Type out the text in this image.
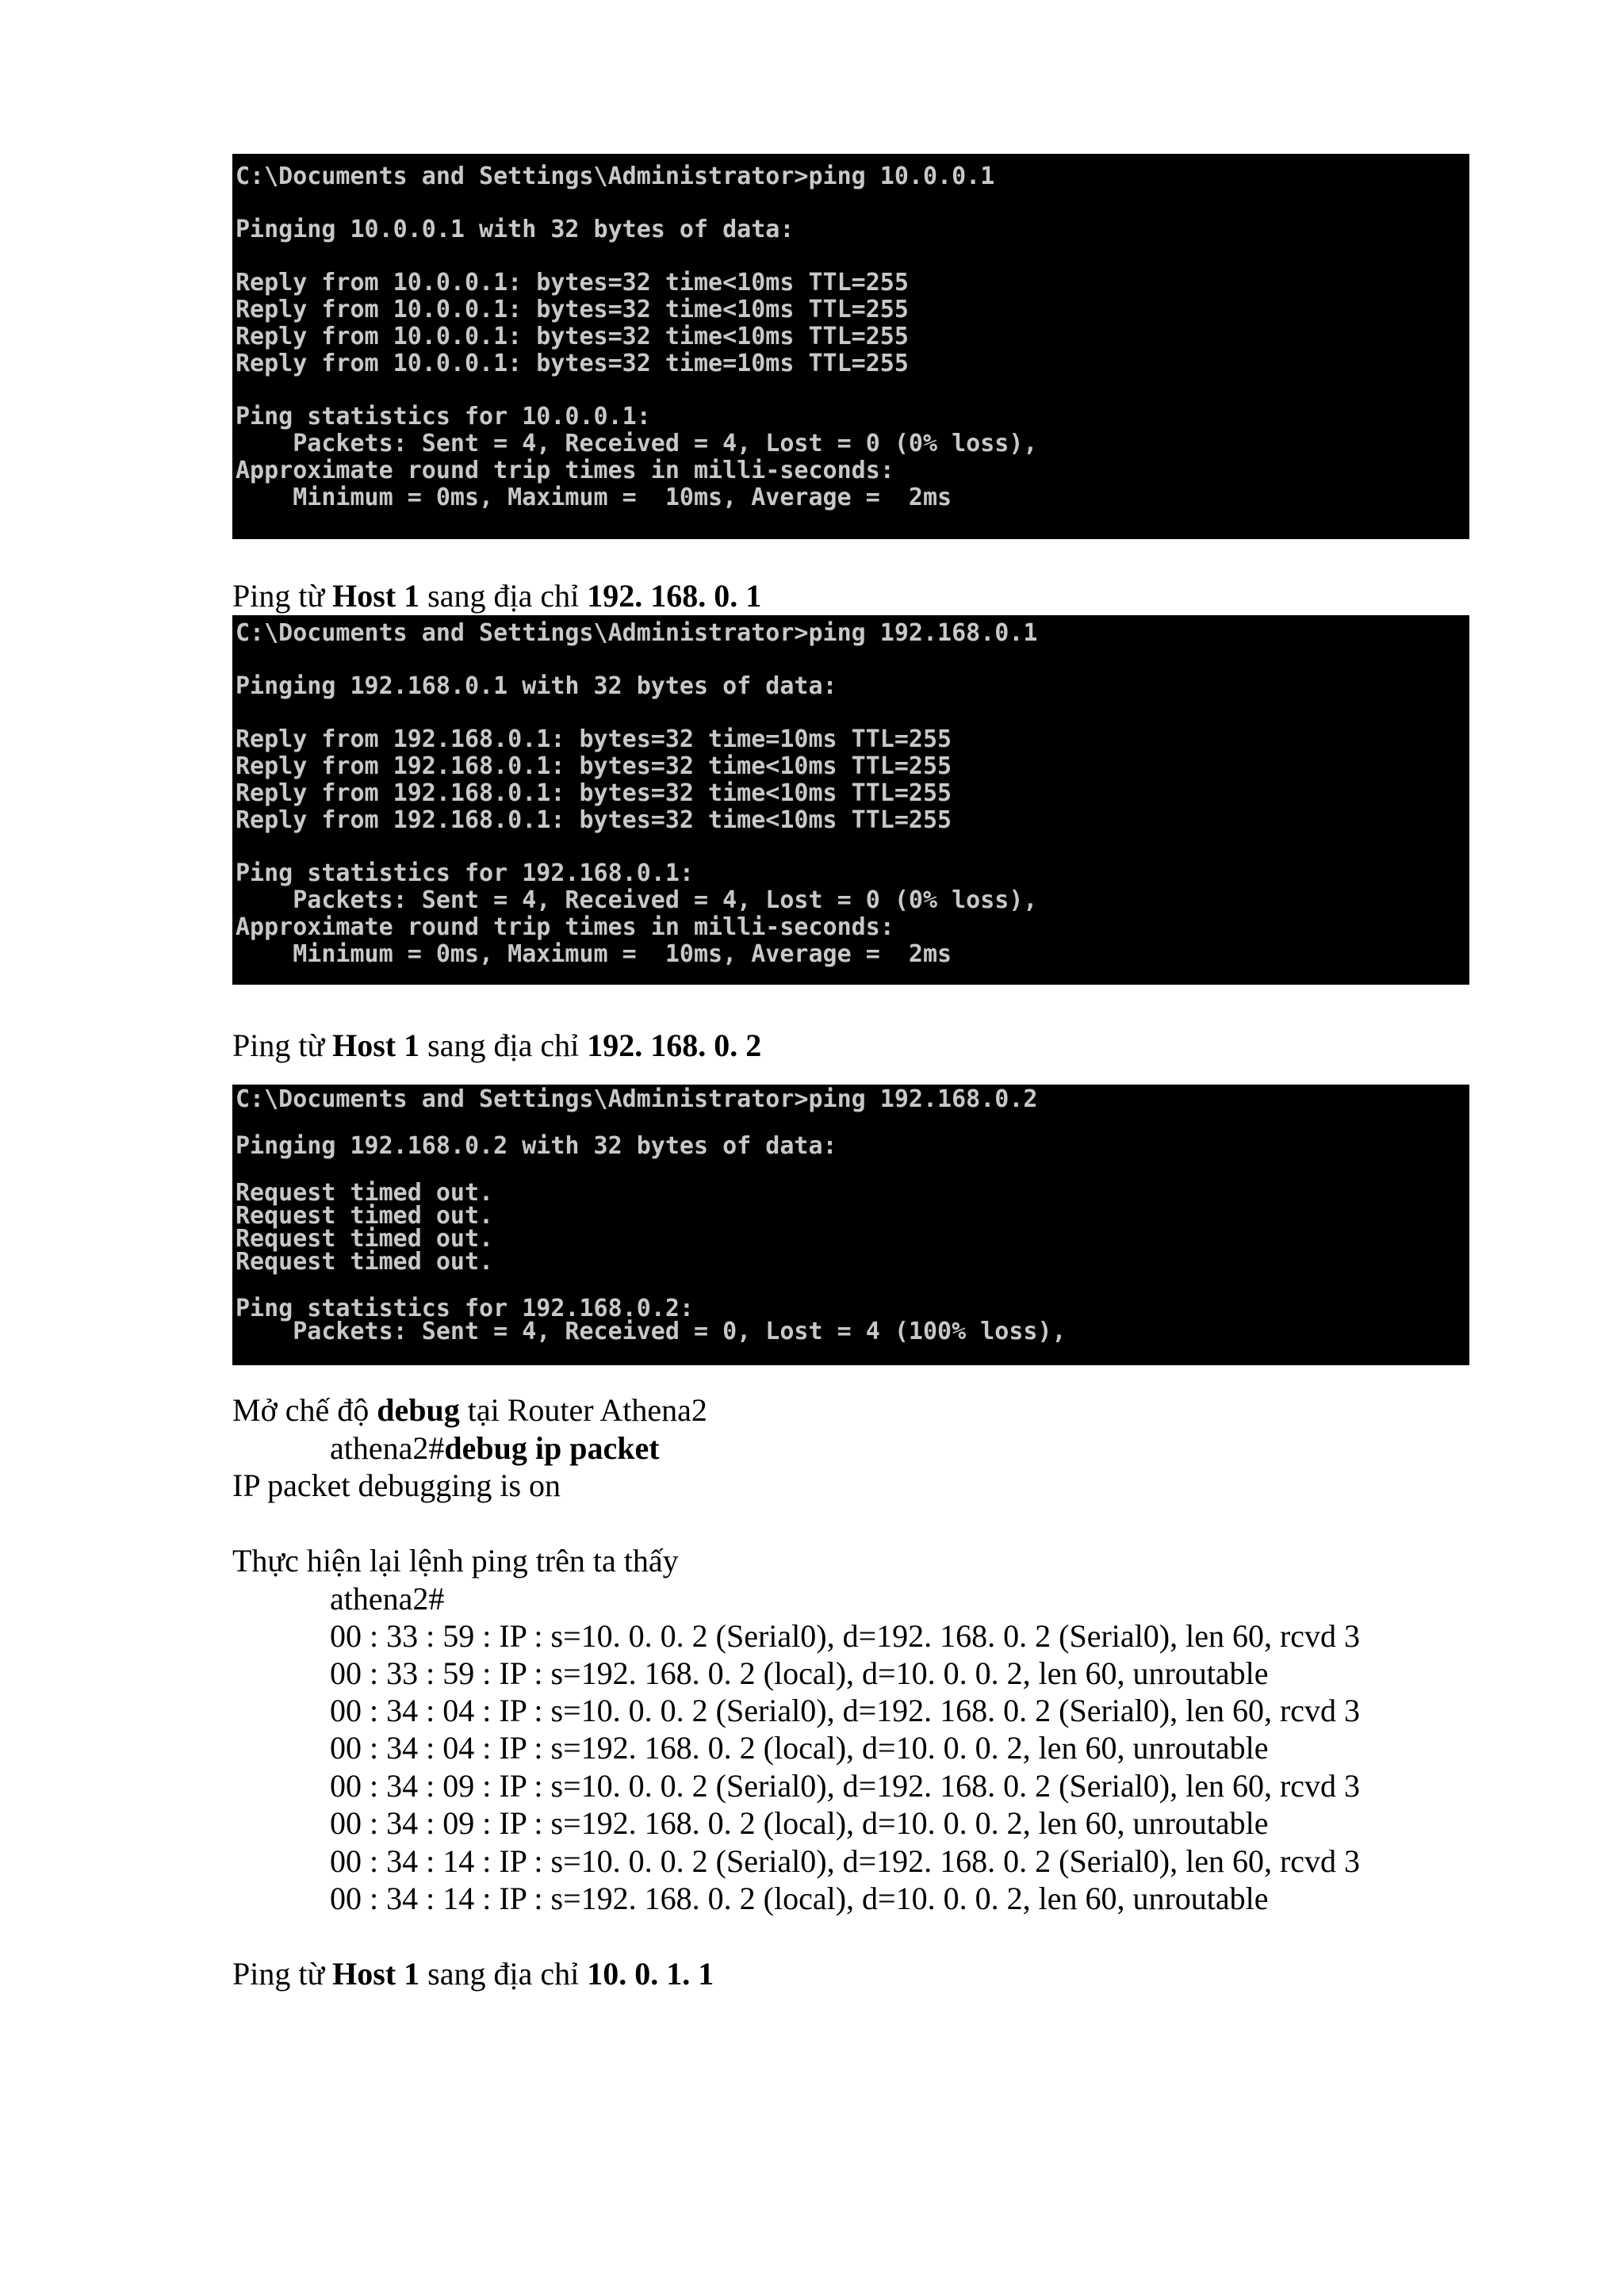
C:\Documents and Settings\Administrator>ping 10.0.0.1
Pinging 10.0.0.1 with 32 bytes of data:
Reply from 10.0.0.1: bytes=32 time<10ms TTL=255
Reply from 10.0.0.1: bytes=32 time<10ms TTL=255
Reply from 10.0.0.1: bytes=32 time<10ms TTL=255
Reply from 10.0.0.1: bytes=32 time=10ms TTL=255
Ping statistics for 10.0.0.1:
Packets: Sent = 4, Received = 4, Lost = 0 (0% loss),
Approximate round trip times in milli-seconds:
Minimum = 0ms, Maximum =  10ms, Average =  2ms
Ping từ Host 1 sang địa chỉ 192. 168. 0. 1
C:\Documents and Settings\Administrator>ping 192.168.0.1
Pinging 192.168.0.1 with 32 bytes of data:
Reply from 192.168.0.1: bytes=32 time=10ms TTL=255
Reply from 192.168.0.1: bytes=32 time<10ms TTL=255
Reply from 192.168.0.1: bytes=32 time<10ms TTL=255
Reply from 192.168.0.1: bytes=32 time<10ms TTL=255
Ping statistics for 192.168.0.1:
Packets: Sent = 4, Received = 4, Lost = 0 (0% loss),
Approximate round trip times in milli-seconds:
Minimum = 0ms, Maximum =  10ms, Average =  2ms
Ping từ Host 1 sang địa chỉ 192. 168. 0. 2
C:\Documents and Settings\Administrator>ping 192.168.0.2
Pinging 192.168.0.2 with 32 bytes of data:
Request timed out.
Request timed out.
Request timed out.
Request timed out.
Ping statistics for 192.168.0.2:
Packets: Sent = 4, Received = 0, Lost = 4 (100% loss),
Mở chế độ debug tại Router Athena2
athena2#debug ip packet
IP packet debugging is on
Thực hiện lại lệnh ping trên ta thấy
athena2#
00 : 33 : 59 : IP : s=10. 0. 0. 2 (Serial0), d=192. 168. 0. 2 (Serial0), len 60, rcvd 3
00 : 33 : 59 : IP : s=192. 168. 0. 2 (local), d=10. 0. 0. 2, len 60, unroutable
00 : 34 : 04 : IP : s=10. 0. 0. 2 (Serial0), d=192. 168. 0. 2 (Serial0), len 60, rcvd 3
00 : 34 : 04 : IP : s=192. 168. 0. 2 (local), d=10. 0. 0. 2, len 60, unroutable
00 : 34 : 09 : IP : s=10. 0. 0. 2 (Serial0), d=192. 168. 0. 2 (Serial0), len 60, rcvd 3
00 : 34 : 09 : IP : s=192. 168. 0. 2 (local), d=10. 0. 0. 2, len 60, unroutable
00 : 34 : 14 : IP : s=10. 0. 0. 2 (Serial0), d=192. 168. 0. 2 (Serial0), len 60, rcvd 3
00 : 34 : 14 : IP : s=192. 168. 0. 2 (local), d=10. 0. 0. 2, len 60, unroutable
Ping từ Host 1 sang địa chỉ 10. 0. 1. 1
